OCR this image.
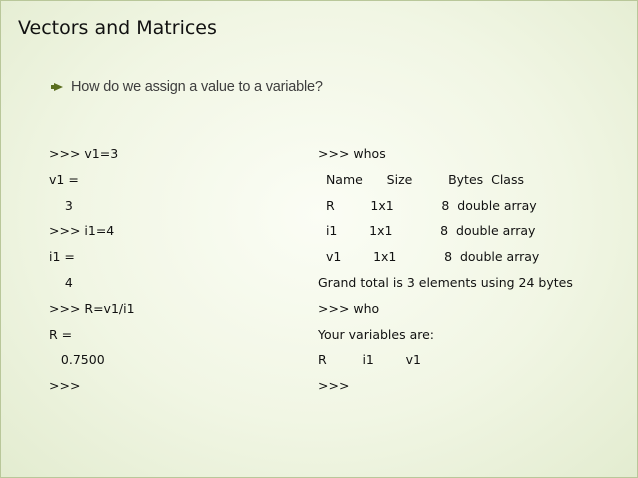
Vectors and Matrices
How do we assign a value to a variable?
>>> v1=3
v1 =
3
>>> i1=4
i1 =
4
>>> R=v1/i1
R =
0.7500
>>>
>>> whos
Name      Size         Bytes  Class
R         1x1            8  double array
i1        1x1            8  double array
v1        1x1            8  double array
Grand total is 3 elements using 24 bytes
>>> who
Your variables are:
R         i1        v1
>>>
